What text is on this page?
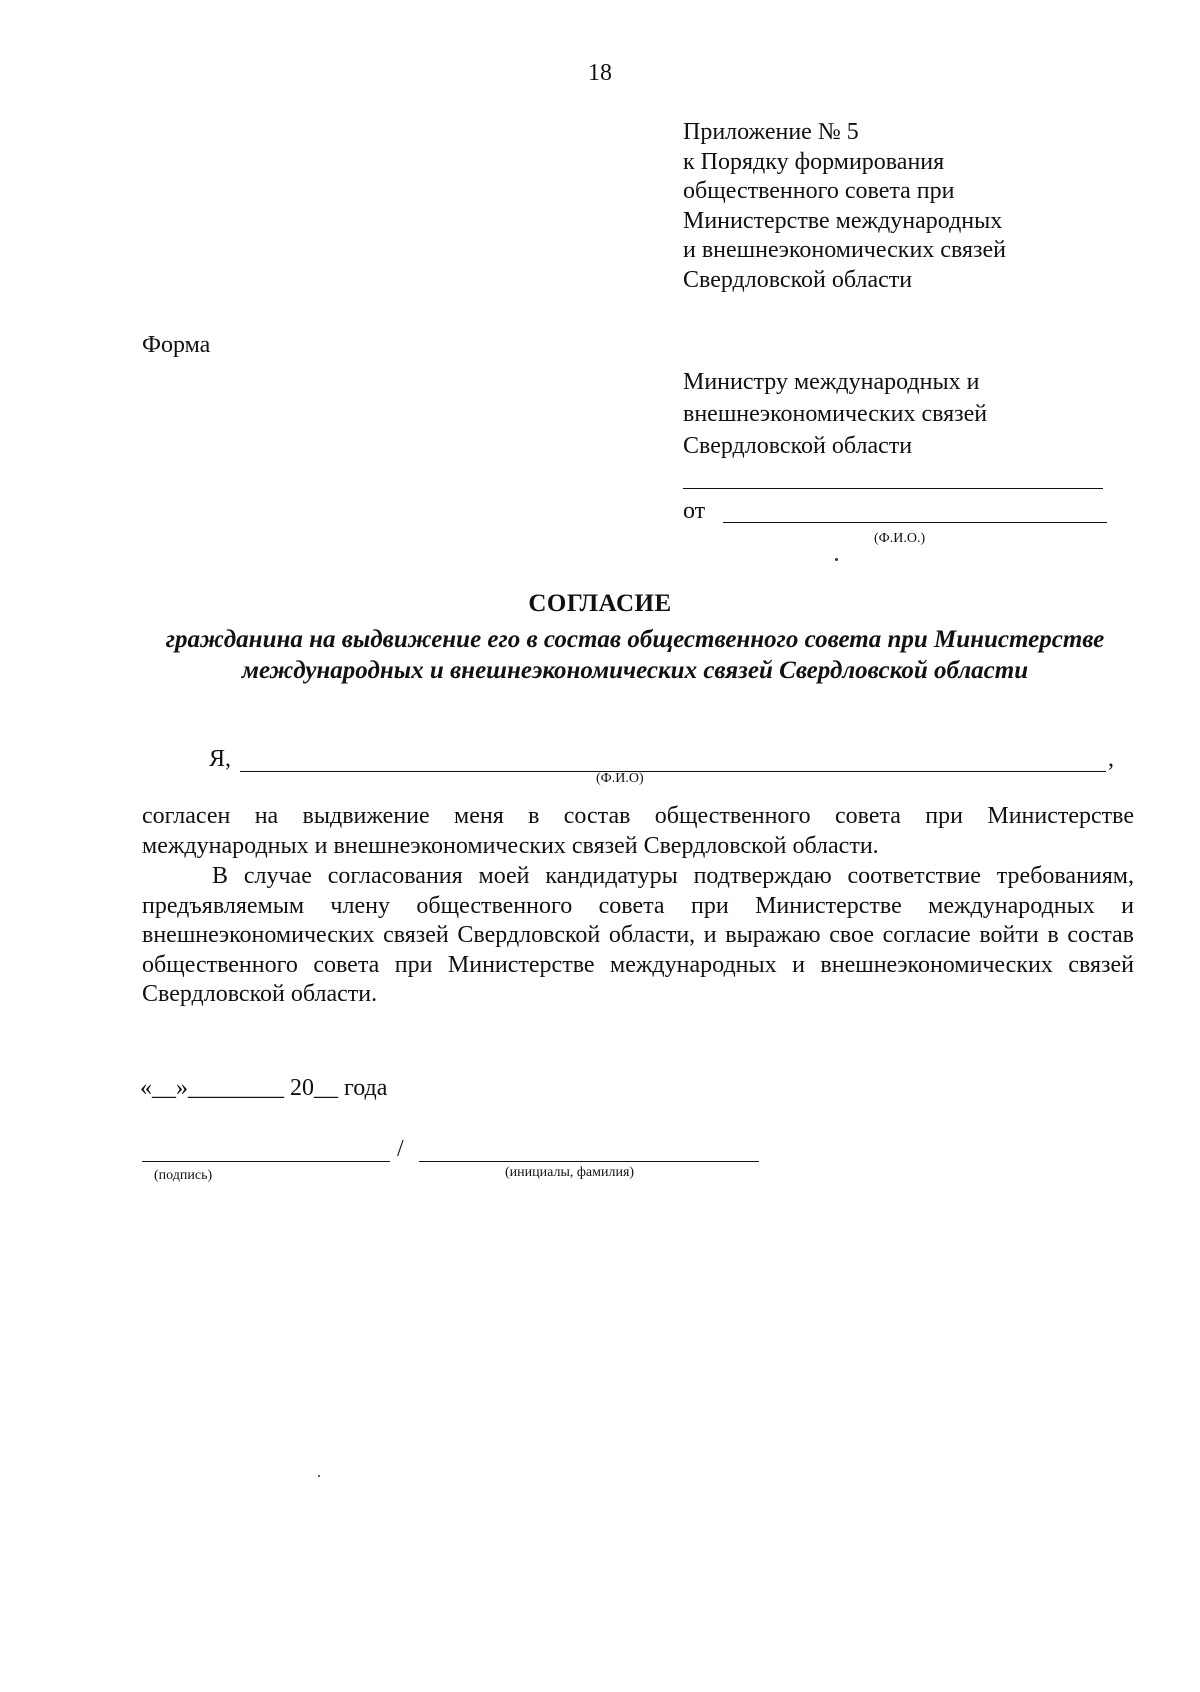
18
Приложение № 5
к Порядку формирования
общественного совета при
Министерстве международных
и внешнеэкономических связей
Свердловской области
Форма
Министру международных и
внешнеэкономических связей
Свердловской области
от
(Ф.И.О.)
СОГЛАСИЕ
гражданина на выдвижение его в состав общественного совета при Министерстве
международных и внешнеэкономических связей Свердловской области
Я,	,
(Ф.И.О)
согласен на выдвижение меня в состав общественного совета при Министерстве международных и внешнеэкономических связей Свердловской области.
В случае согласования моей кандидатуры подтверждаю соответствие требованиям, предъявляемым члену общественного совета при Министерстве международных и внешнеэкономических связей Свердловской области, и выражаю свое согласие войти в состав общественного совета при Министерстве международных и внешнеэкономических связей Свердловской области.
«__»________ 20__ года
/
(подпись)	(инициалы, фамилия)
